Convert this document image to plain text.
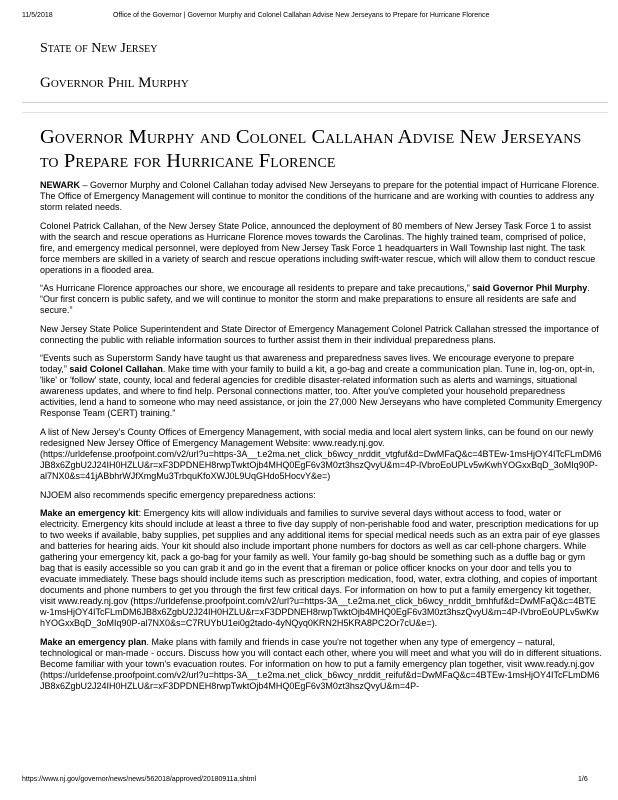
11/5/2018	Office of the Governor | Governor Murphy and Colonel Callahan Advise New Jerseyans to Prepare for Hurricane Florence
State of New Jersey
Governor Phil Murphy
Governor Murphy and Colonel Callahan Advise New Jerseyans to Prepare for Hurricane Florence

NEWARK – Governor Murphy and Colonel Callahan today advised New Jerseyans to prepare for the potential impact of Hurricane Florence. The Office of Emergency Management will continue to monitor the conditions of the hurricane and are working with counties to address any storm related needs.

Colonel Patrick Callahan, of the New Jersey State Police, announced the deployment of 80 members of New Jersey Task Force 1 to assist with the search and rescue operations as Hurricane Florence moves towards the Carolinas. The highly trained team, comprised of police, fire, and emergency medical personnel, were deployed from New Jersey Task Force 1 headquarters in Wall Township last night. The task force members are skilled in a variety of search and rescue operations including swift-water rescue, which will allow them to conduct rescue operations in a flooded area.

“As Hurricane Florence approaches our shore, we encourage all residents to prepare and take precautions,” said Governor Phil Murphy. “Our first concern is public safety, and we will continue to monitor the storm and make preparations to ensure all residents are safe and secure.”

New Jersey State Police Superintendent and State Director of Emergency Management Colonel Patrick Callahan stressed the importance of connecting the public with reliable information sources to further assist them in their individual preparedness plans.

“Events such as Superstorm Sandy have taught us that awareness and preparedness saves lives. We encourage everyone to prepare today,” said Colonel Callahan. Make time with your family to build a kit, a go-bag and create a communication plan. Tune in, log-on, opt-in, 'like' or 'follow' state, county, local and federal agencies for credible disaster-related information such as alerts and warnings, situational awareness updates, and where to find help. Personal connections matter, too. After you've completed your household preparedness activities, lend a hand to someone who may need assistance, or join the 27,000 New Jerseyans who have completed Community Emergency Response Team (CERT) training."

A list of New Jersey’s County Offices of Emergency Management, with social media and local alert system links, can be found on our newly redesigned New Jersey Office of Emergency Management Website: www.ready.nj.gov.
(https://urldefense.proofpoint.com/v2/url?u=https-3A__t.e2ma.net_click_b6wcy_nrddit_vtgfuf&d=DwMFaQ&c=4BTEw-1msHjOY4ITcFLmDM6JB8x6ZgbU2J24IH0HZLU&r=xF3DPDNEH8rwpTwktOjb4MHQ0EgF6v3M0zt3hszQvyU&m=4P-lVbroEoUPLv5wKwhYOGxxBqD_3oMIq90P-al7NX0&s=41jABbhrWJfXmgMu3TrbquKfoXWJ0L9UqGHdo5HocvY&e=)

NJOEM also recommends specific emergency preparedness actions:

Make an emergency kit: Emergency kits will allow individuals and families to survive several days without access to food, water or electricity. Emergency kits should include at least a three to five day supply of non-perishable food and water, prescription medications for up to two weeks if available, baby supplies, pet supplies and any additional items for special medical needs such as an extra pair of eye glasses and batteries for hearing aids. Your kit should also include important phone numbers for doctors as well as car cell-phone chargers. While gathering your emergency kit, pack a go-bag for your family as well. Your family go-bag should be something such as a duffle bag or gym bag that is easily accessible so you can grab it and go in the event that a fireman or police officer knocks on your door and tells you to evacuate immediately. These bags should include items such as prescription medication, food, water, extra clothing, and copies of important documents and phone numbers to get you through the first few critical days. For information on how to put a family emergency kit together, visit www.ready.nj.gov (https://urldefense.proofpoint.com/v2/url?u=https-3A__t.e2ma.net_click_b6wcy_nrddit_bmhfuf&d=DwMFaQ&c=4BTEw-1msHjOY4ITcFLmDM6JB8x6ZgbU2J24IH0HZLU&r=xF3DPDNEH8rwpTwktOjb4MHQ0EgF6v3M0zt3hszQvyU&m=4P-lVbroEoUPLv5wKwhYOGxxBqD_3oMIq90P-al7NX0&s=C7RUYbU1ei0g2tado-4yNQyq0KRN2H5KRA8PC2Or7cU&e=).

Make an emergency plan. Make plans with family and friends in case you're not together when any type of emergency – natural, technological or man-made - occurs. Discuss how you will contact each other, where you will meet and what you will do in different situations. Become familiar with your town's evacuation routes. For information on how to put a family emergency plan together, visit www.ready.nj.gov (https://urldefense.proofpoint.com/v2/url?u=https-3A__t.e2ma.net_click_b6wcy_nrddit_reifuf&d=DwMFaQ&c=4BTEw-1msHjOY4ITcFLmDM6JB8x6ZgbU2J24IH0HZLU&r=xF3DPDNEH8rwpTwktOjb4MHQ0EgF6v3M0zt3hszQvyU&m=4P-

https://www.nj.gov/governor/news/news/562018/approved/20180911a.shtml	1/6
